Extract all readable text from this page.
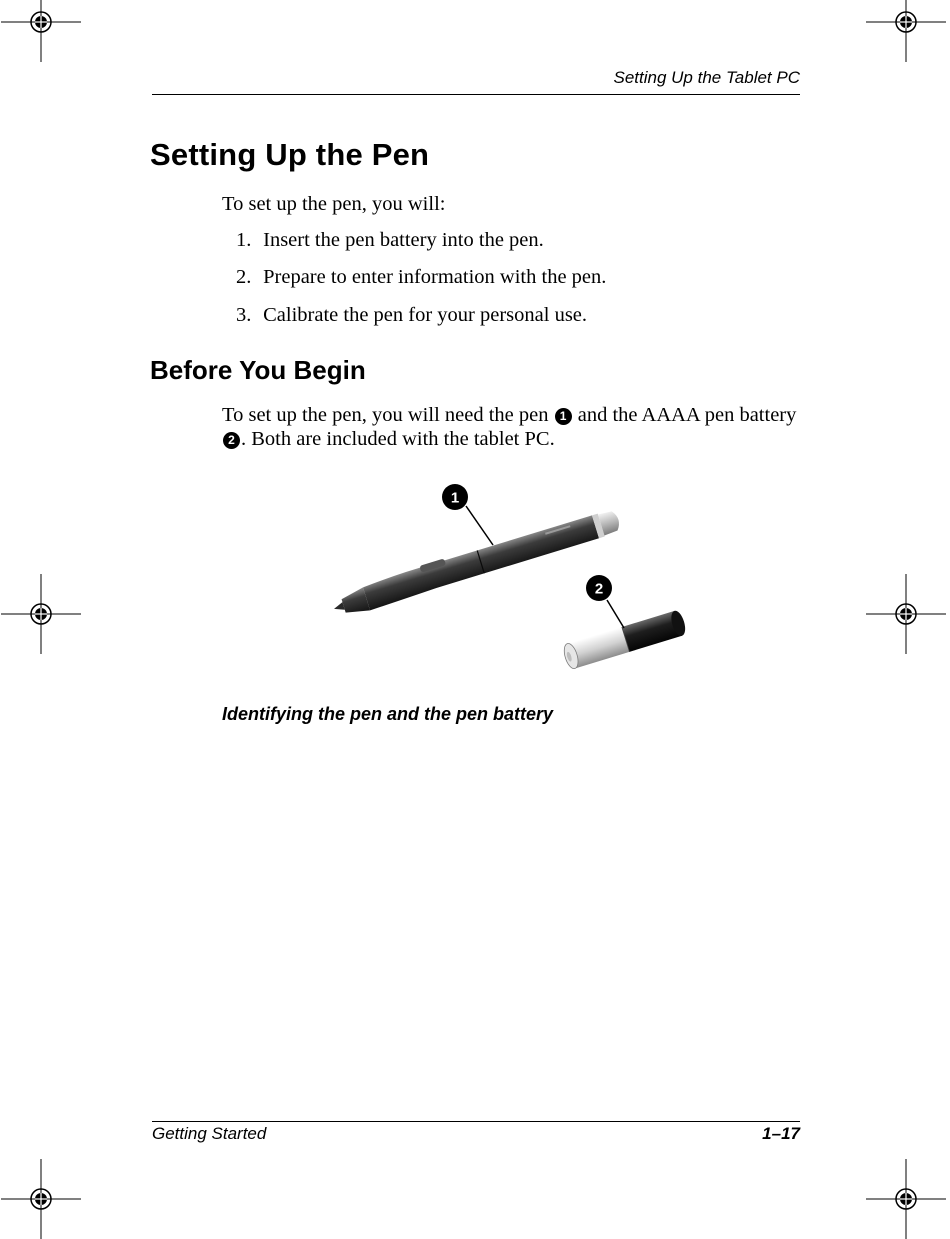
Setting Up the Tablet PC
Setting Up the Pen
To set up the pen, you will:
1. Insert the pen battery into the pen.
2. Prepare to enter information with the pen.
3. Calibrate the pen for your personal use.
Before You Begin
To set up the pen, you will need the pen 1 and the AAAA pen battery 2 . Both are included with the tablet PC.
1
2
Identifying the pen and the pen battery
Getting Started	1–17
